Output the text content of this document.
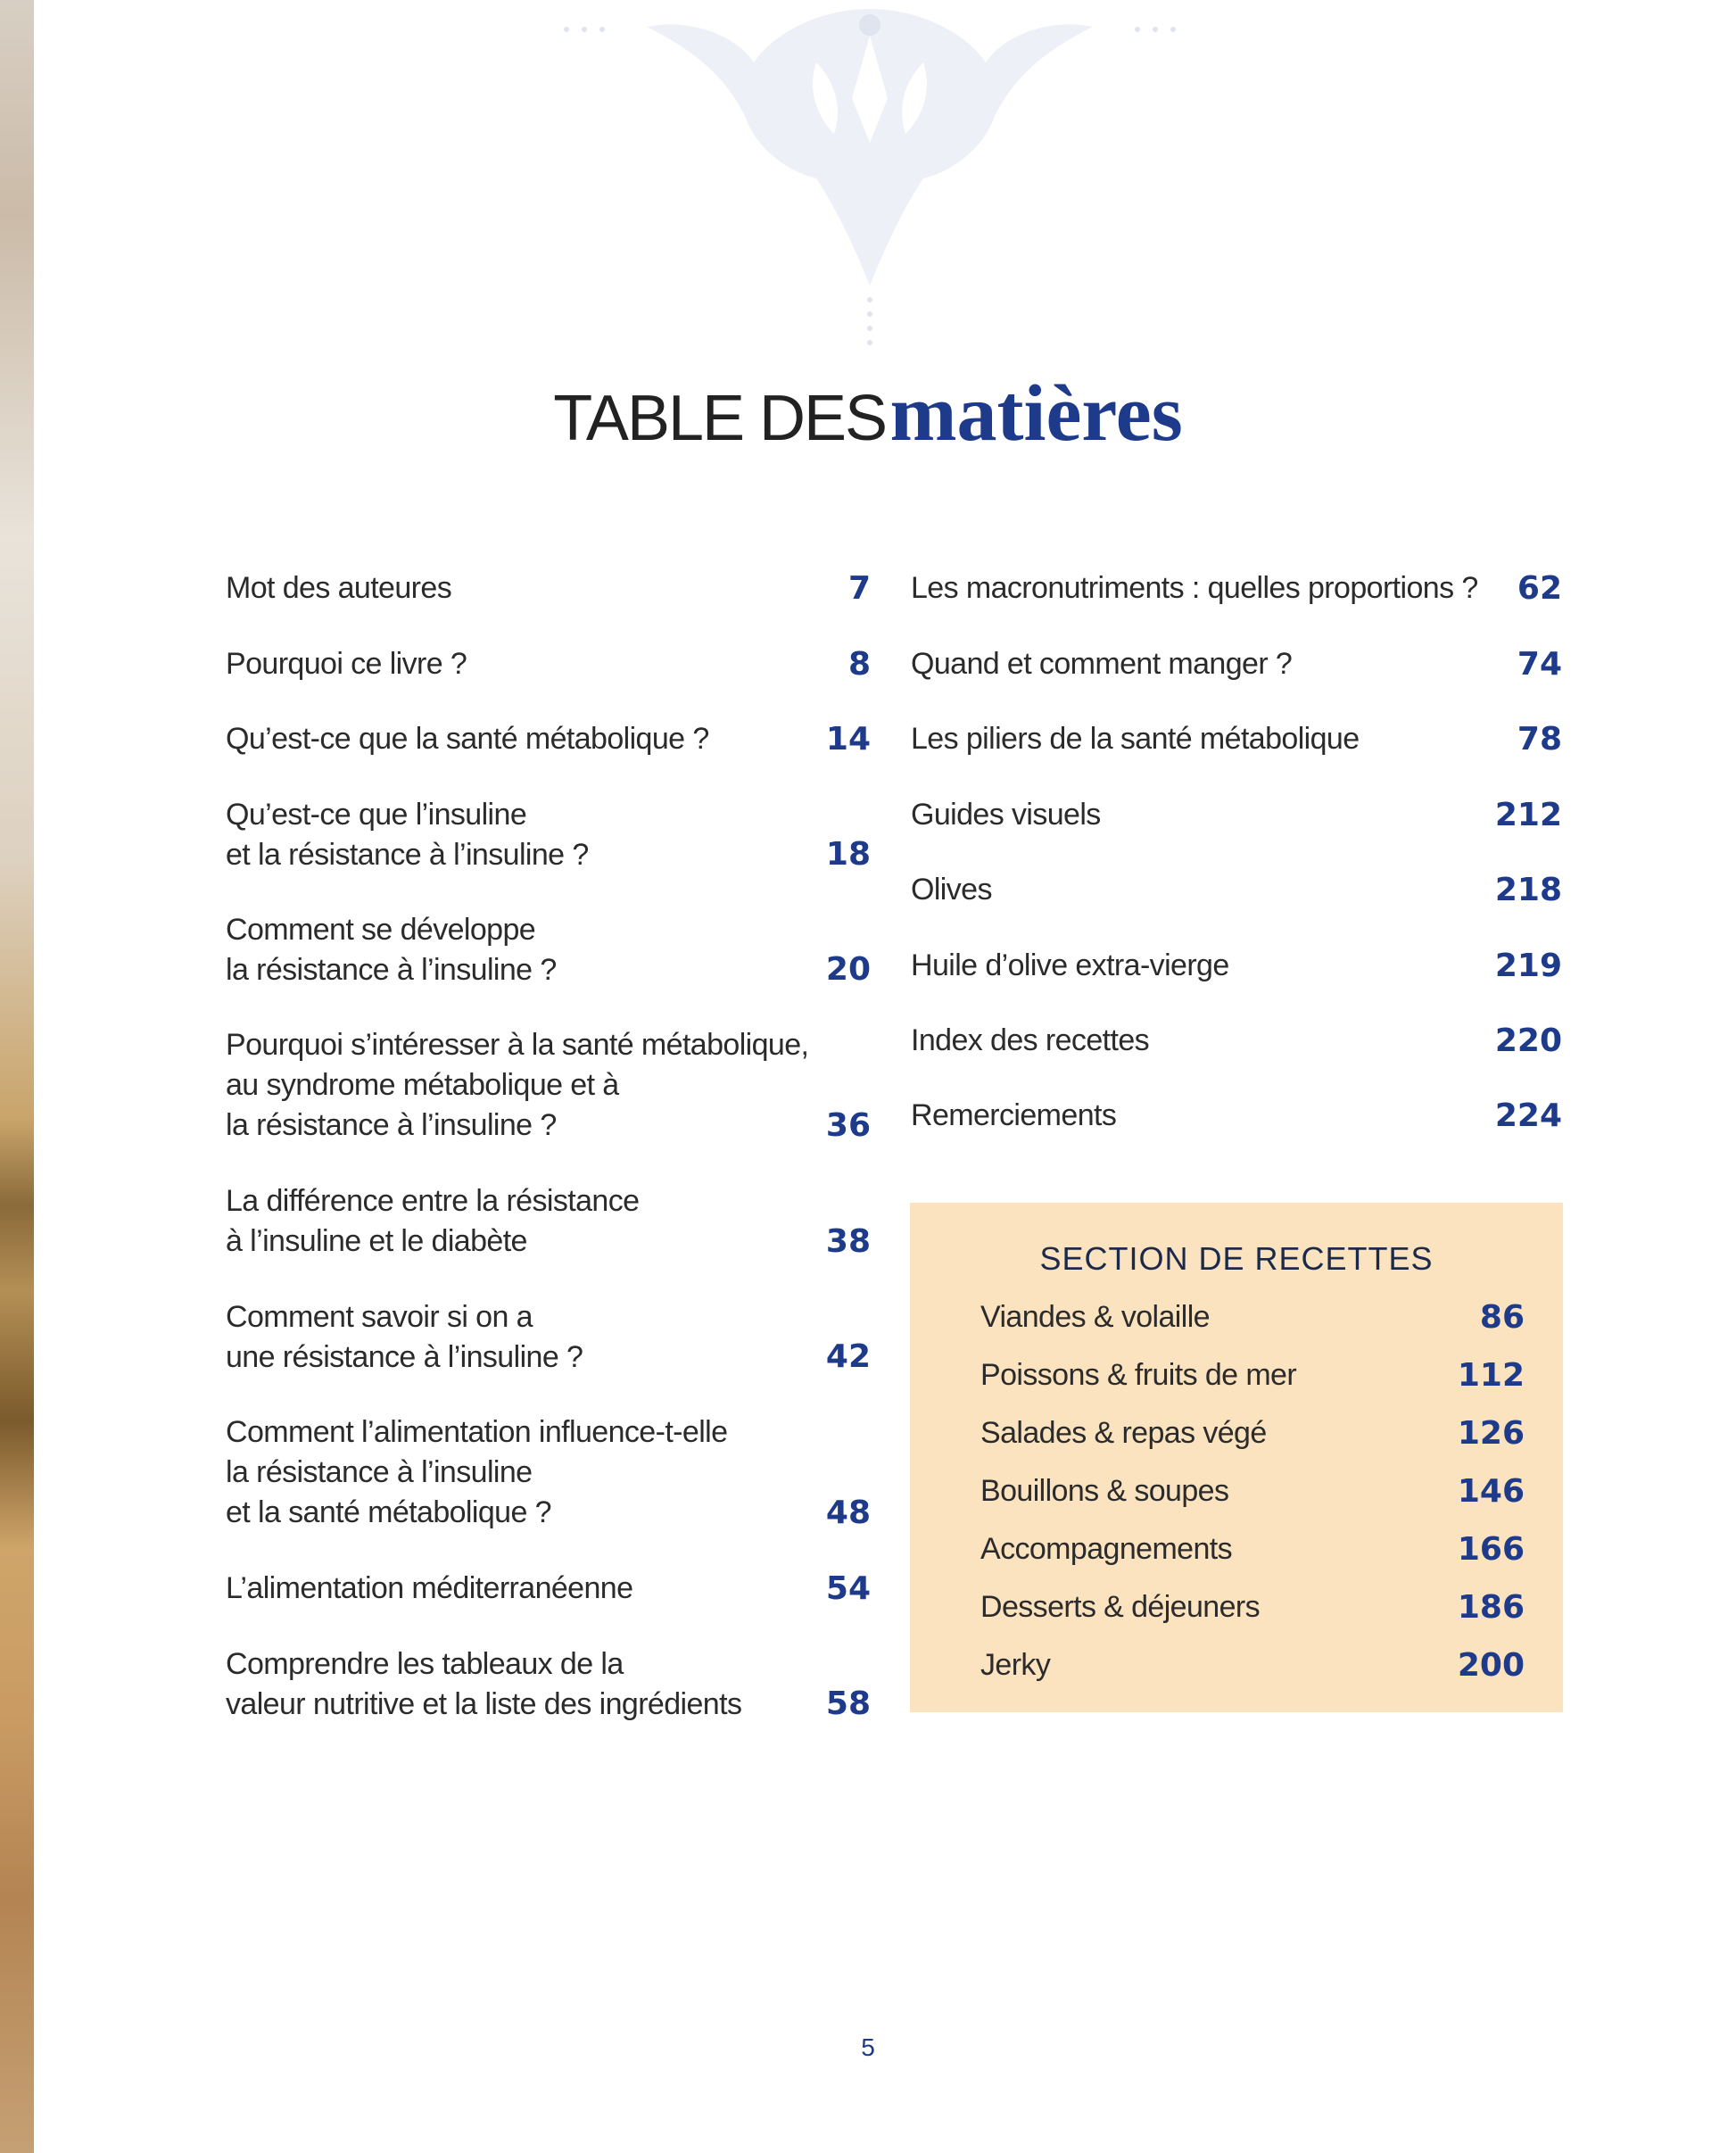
TABLE DES matières
Mot des auteures	7
Pourquoi ce livre ?	8
Qu’est-ce que la santé métabolique ?	14
Qu’est-ce que l’insuline
et la résistance à l’insuline ?	18
Comment se développe
la résistance à l’insuline ?	20
Pourquoi s’intéresser à la santé métabolique,
au syndrome métabolique et à
la résistance à l’insuline ?	36
La différence entre la résistance
à l’insuline et le diabète	38
Comment savoir si on a
une résistance à l’insuline ?	42
Comment l’alimentation influence-t-elle
la résistance à l’insuline
et la santé métabolique ?	48
L’alimentation méditerranéenne	54
Comprendre les tableaux de la
valeur nutritive et la liste des ingrédients	58
Les macronutriments : quelles proportions ? 62
Quand et comment manger ?	74
Les piliers de la santé métabolique	78
Guides visuels	212
Olives	218
Huile d’olive extra-vierge	219
Index des recettes	220
Remerciements	224
SECTION DE RECETTES
Viandes & volaille	86
Poissons & fruits de mer	112
Salades & repas végé	126
Bouillons & soupes	146
Accompagnements	166
Desserts & déjeuners	186
Jerky	200
5
